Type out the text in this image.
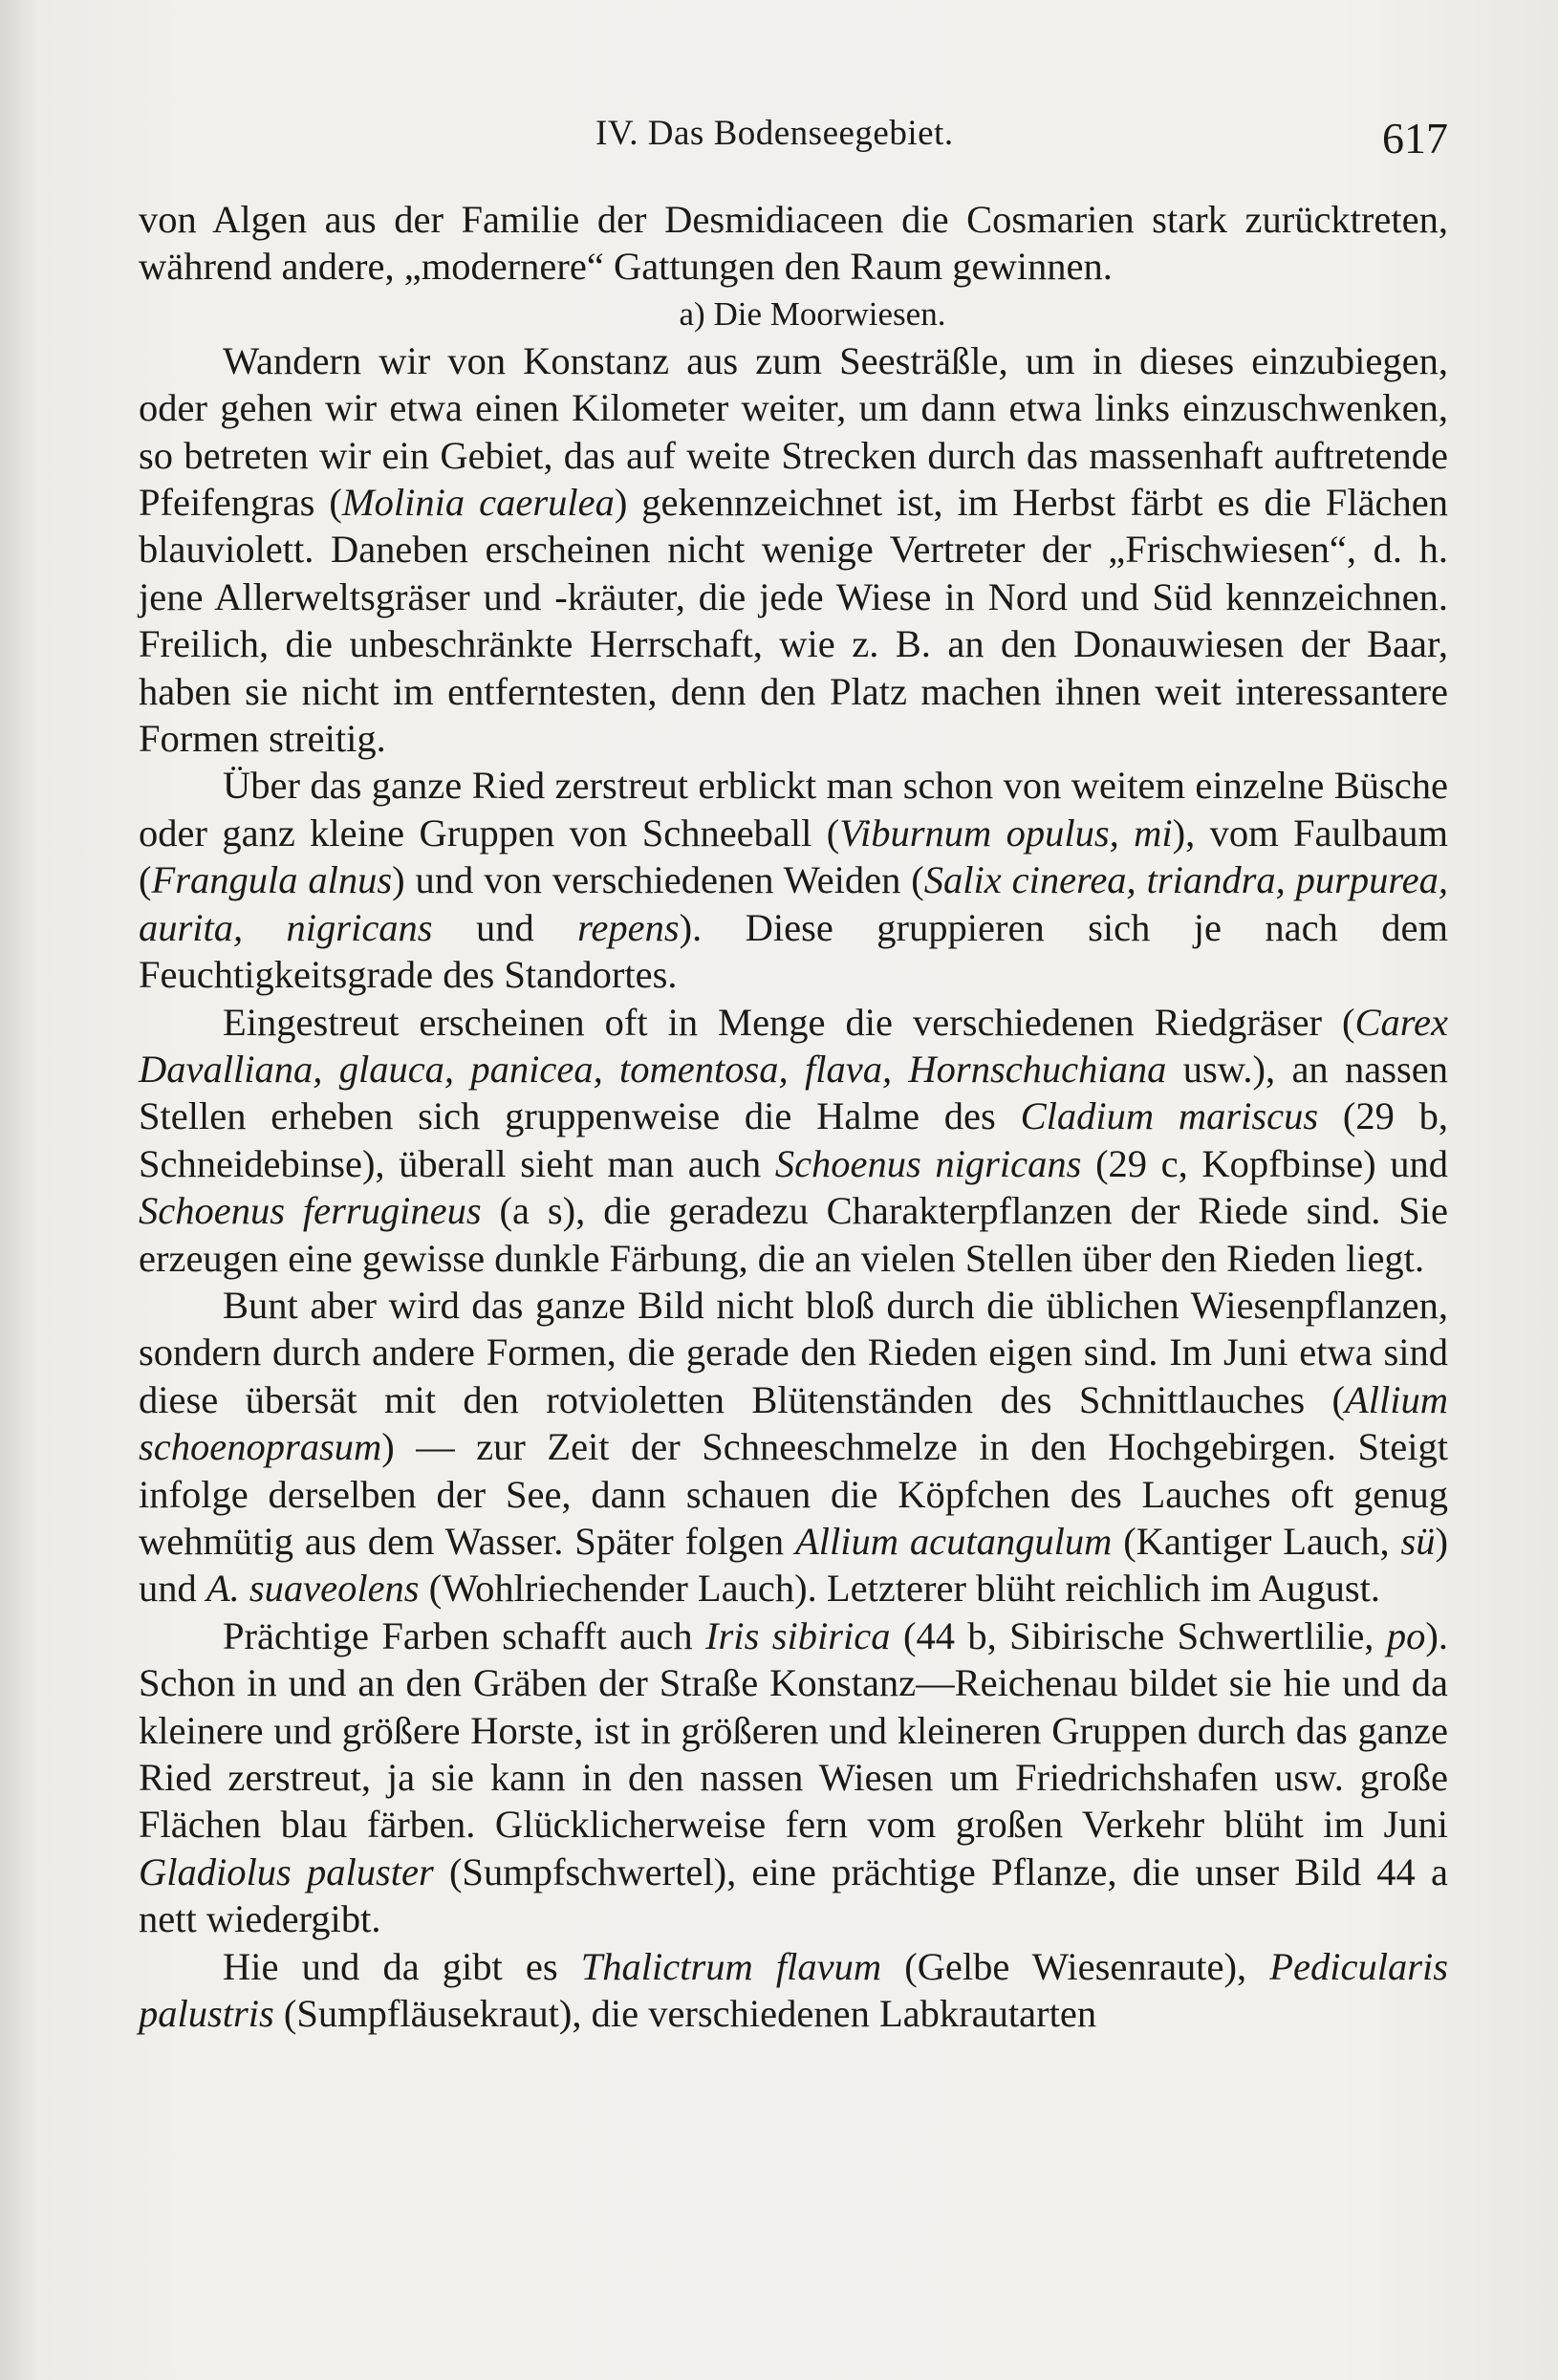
IV. Das Bodenseegebiet.	617

von Algen aus der Familie der Desmidiaceen die Cosmarien stark zurücktreten, während andere, „modernere“ Gattungen den Raum gewinnen.

a) Die Moorwiesen.

Wandern wir von Konstanz aus zum Seesträßle, um in dieses einzubiegen, oder gehen wir etwa einen Kilometer weiter, um dann etwa links einzuschwenken, so betreten wir ein Gebiet, das auf weite Strecken durch das massenhaft auftretende Pfeifengras (Molinia caerulea) gekennzeichnet ist, im Herbst färbt es die Flächen blauviolett. Daneben erscheinen nicht wenige Vertreter der „Frischwiesen“, d. h. jene Allerweltsgräser und -kräuter, die jede Wiese in Nord und Süd kennzeichnen. Freilich, die unbeschränkte Herrschaft, wie z. B. an den Donauwiesen der Baar, haben sie nicht im entferntesten, denn den Platz machen ihnen weit interessantere Formen streitig.

Über das ganze Ried zerstreut erblickt man schon von weitem einzelne Büsche oder ganz kleine Gruppen von Schneeball (Viburnum opulus, mi), vom Faulbaum (Frangula alnus) und von verschiedenen Weiden (Salix cinerea, triandra, purpurea, aurita, nigricans und repens). Diese gruppieren sich je nach dem Feuchtigkeitsgrade des Standortes.

Eingestreut erscheinen oft in Menge die verschiedenen Riedgräser (Carex Davalliana, glauca, panicea, tomentosa, flava, Hornschuchiana usw.), an nassen Stellen erheben sich gruppenweise die Halme des Cladium mariscus (29 b, Schneidebinse), überall sieht man auch Schoenus nigricans (29 c, Kopfbinse) und Schoenus ferrugineus (a s), die geradezu Charakterpflanzen der Riede sind. Sie erzeugen eine gewisse dunkle Färbung, die an vielen Stellen über den Rieden liegt.

Bunt aber wird das ganze Bild nicht bloß durch die üblichen Wiesenpflanzen, sondern durch andere Formen, die gerade den Rieden eigen sind. Im Juni etwa sind diese übersät mit den rotvioletten Blütenständen des Schnittlauches (Allium schoenoprasum) — zur Zeit der Schneeschmelze in den Hochgebirgen. Steigt infolge derselben der See, dann schauen die Köpfchen des Lauches oft genug wehmütig aus dem Wasser. Später folgen Allium acutangulum (Kantiger Lauch, sü) und A. suaveolens (Wohlriechender Lauch). Letzterer blüht reichlich im August.

Prächtige Farben schafft auch Iris sibirica (44 b, Sibirische Schwertlilie, po). Schon in und an den Gräben der Straße Konstanz—Reichenau bildet sie hie und da kleinere und größere Horste, ist in größeren und kleineren Gruppen durch das ganze Ried zerstreut, ja sie kann in den nassen Wiesen um Friedrichshafen usw. große Flächen blau färben. Glücklicherweise fern vom großen Verkehr blüht im Juni Gladiolus paluster (Sumpfschwertel), eine prächtige Pflanze, die unser Bild 44 a nett wiedergibt.

Hie und da gibt es Thalictrum flavum (Gelbe Wiesenraute), Pedicularis palustris (Sumpfläusekraut), die verschiedenen Labkrautarten
